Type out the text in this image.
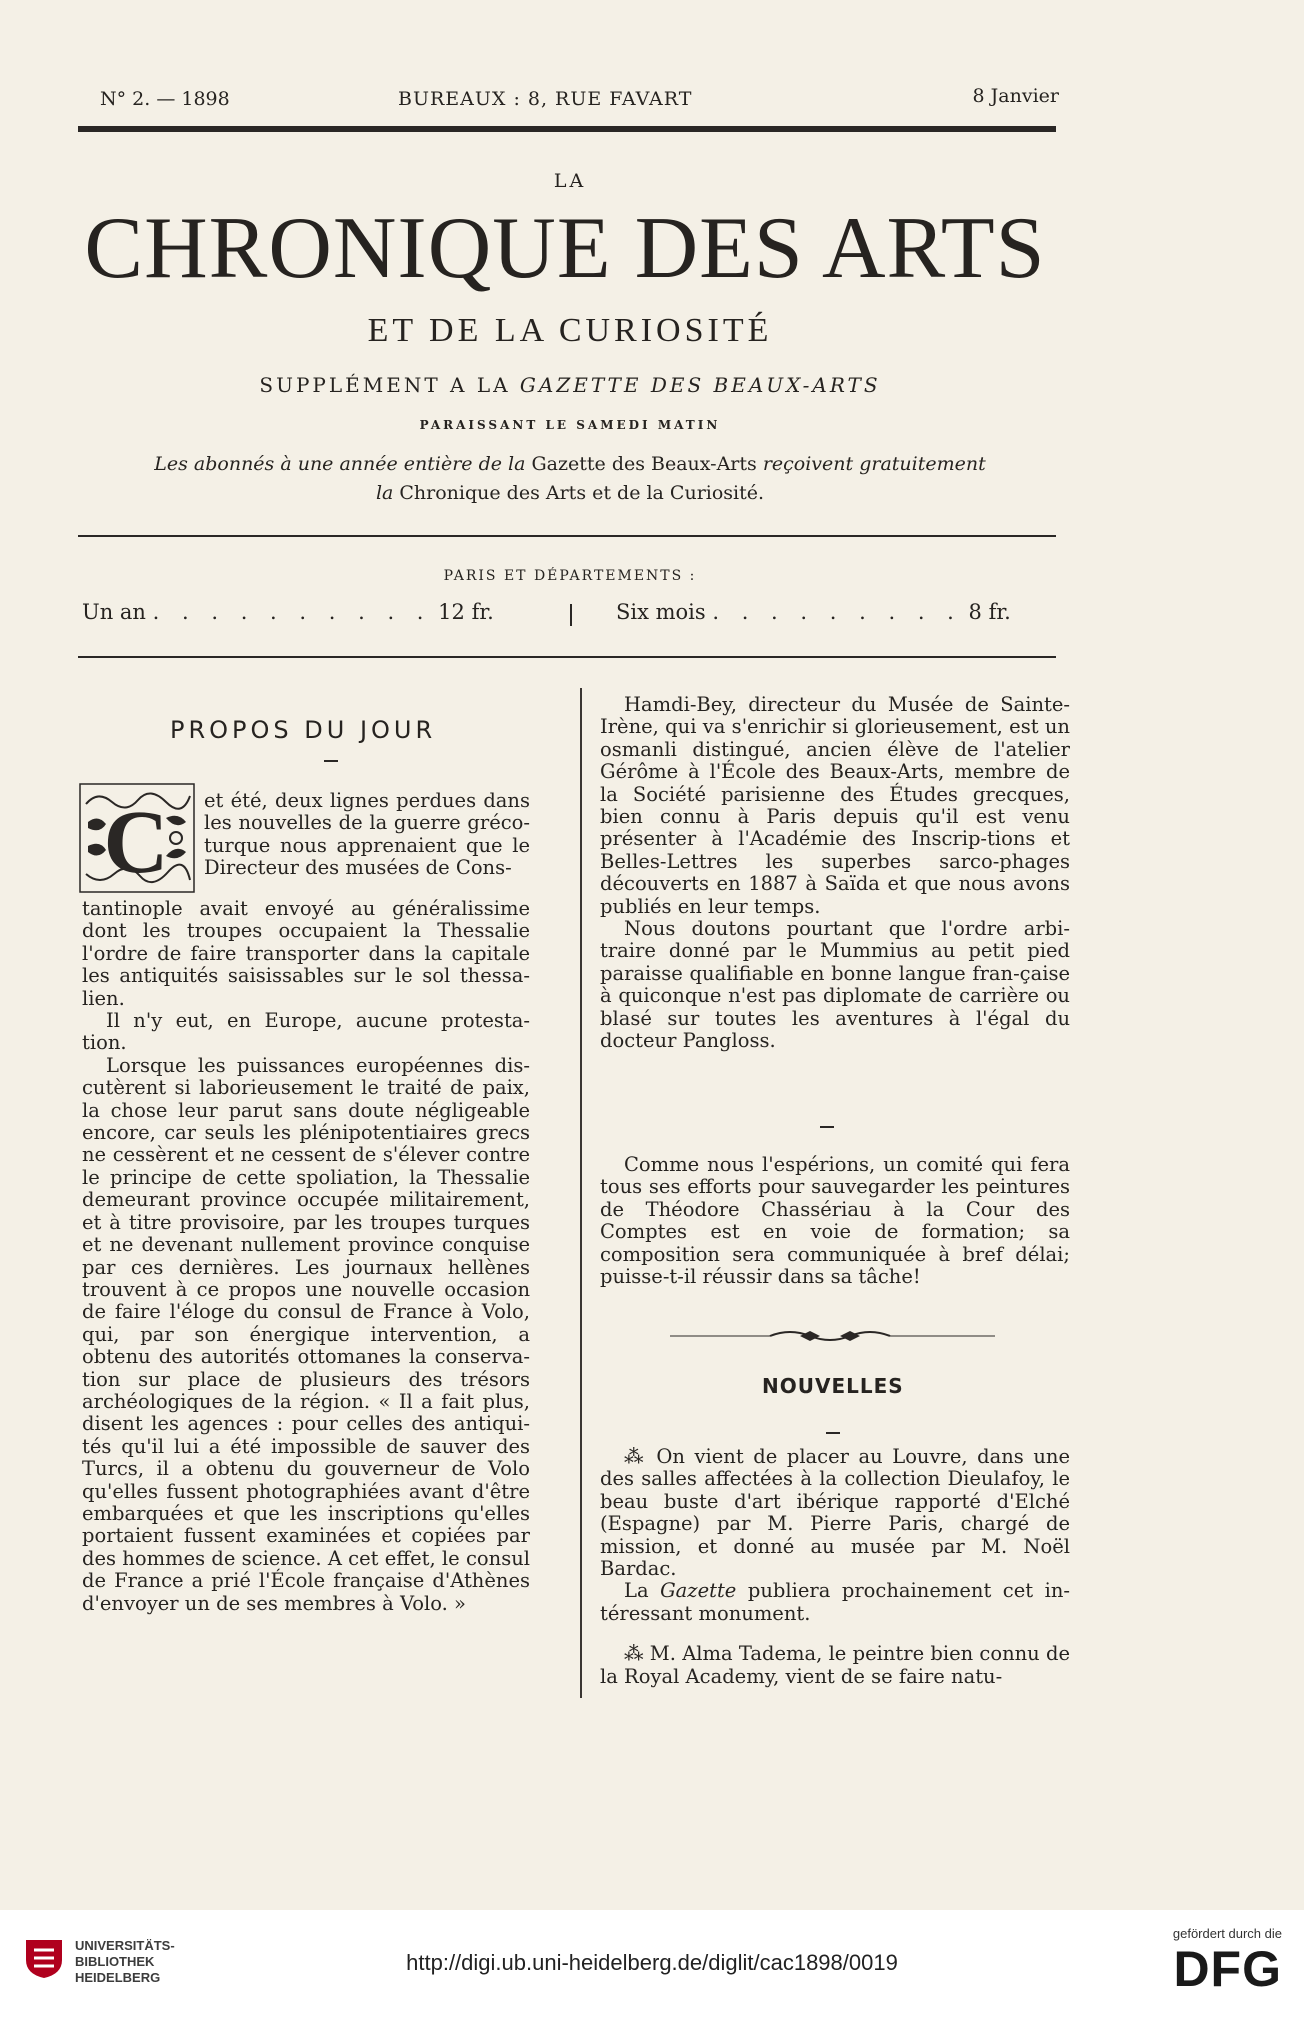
N° 2. — 1898	BUREAUX : 8, RUE FAVART	8 Janvier
LA
CHRONIQUE DES ARTS
ET DE LA CURIOSITÉ
SUPPLÉMENT A LA GAZETTE DES BEAUX-ARTS
PARAISSANT LE SAMEDI MATIN
Les abonnés à une année entière de la Gazette des Beaux-Arts reçoivent gratuitement
la Chronique des Arts et de la Curiosité.
PARIS ET DÉPARTEMENTS :
Un an . . . . . . . . . . 12 fr.	Six mois . . . . . . . . . 8 fr.
PROPOS DU JOUR
C et été, deux lignes perdues dans les nouvelles de la guerre gréco-turque nous apprenaient que le Directeur des musées de Cons-

tantinople avait envoyé au généralissime dont les troupes occupaient la Thessalie l'ordre de faire transporter dans la capitale les antiquités saisissables sur le sol thessa-lien.

Il n'y eut, en Europe, aucune protesta-tion.

Lorsque les puissances européennes dis-cutèrent si laborieusement le traité de paix, la chose leur parut sans doute négligeable encore, car seuls les plénipotentiaires grecs ne cessèrent et ne cessent de s'élever contre le principe de cette spoliation, la Thessalie demeurant province occupée militairement, et à titre provisoire, par les troupes turques et ne devenant nullement province conquise par ces dernières. Les journaux hellènes trouvent à ce propos une nouvelle occasion de faire l'éloge du consul de France à Volo, qui, par son énergique intervention, a obtenu des autorités ottomanes la conserva-tion sur place de plusieurs des trésors archéologiques de la région. « Il a fait plus, disent les agences : pour celles des antiqui-tés qu'il lui a été impossible de sauver des Turcs, il a obtenu du gouverneur de Volo qu'elles fussent photographiées avant d'être embarquées et que les inscriptions qu'elles portaient fussent examinées et copiées par des hommes de science. A cet effet, le consul de France a prié l'École française d'Athènes d'envoyer un de ses membres à Volo. »

Hamdi-Bey, directeur du Musée de Sainte-Irène, qui va s'enrichir si glorieusement, est un osmanli distingué, ancien élève de l'atelier Gérôme à l'École des Beaux-Arts, membre de la Société parisienne des Études grecques, bien connu à Paris depuis qu'il est venu présenter à l'Académie des Inscrip-tions et Belles-Lettres les superbes sarco-phages découverts en 1887 à Saïda et que nous avons publiés en leur temps.

Nous doutons pourtant que l'ordre arbi-traire donné par le Mummius au petit pied paraisse qualifiable en bonne langue fran-çaise à quiconque n'est pas diplomate de carrière ou blasé sur toutes les aventures à l'égal du docteur Pangloss.

Comme nous l'espérions, un comité qui fera tous ses efforts pour sauvegarder les peintures de Théodore Chassériau à la Cour des Comptes est en voie de formation; sa composition sera communiquée à bref délai; puisse-t-il réussir dans sa tâche!

NOUVELLES

⁂ On vient de placer au Louvre, dans une des salles affectées à la collection Dieulafoy, le beau buste d'art ibérique rapporté d'Elché (Espagne) par M. Pierre Paris, chargé de mission, et donné au musée par M. Noël Bardac.

La Gazette publiera prochainement cet in-téressant monument.

⁂ M. Alma Tadema, le peintre bien connu de la Royal Academy, vient de se faire natu-

UNIVERSITÄTS-
BIBLIOTHEK
HEIDELBERG
http://digi.ub.uni-heidelberg.de/diglit/cac1898/0019
gefördert durch die
DFG
